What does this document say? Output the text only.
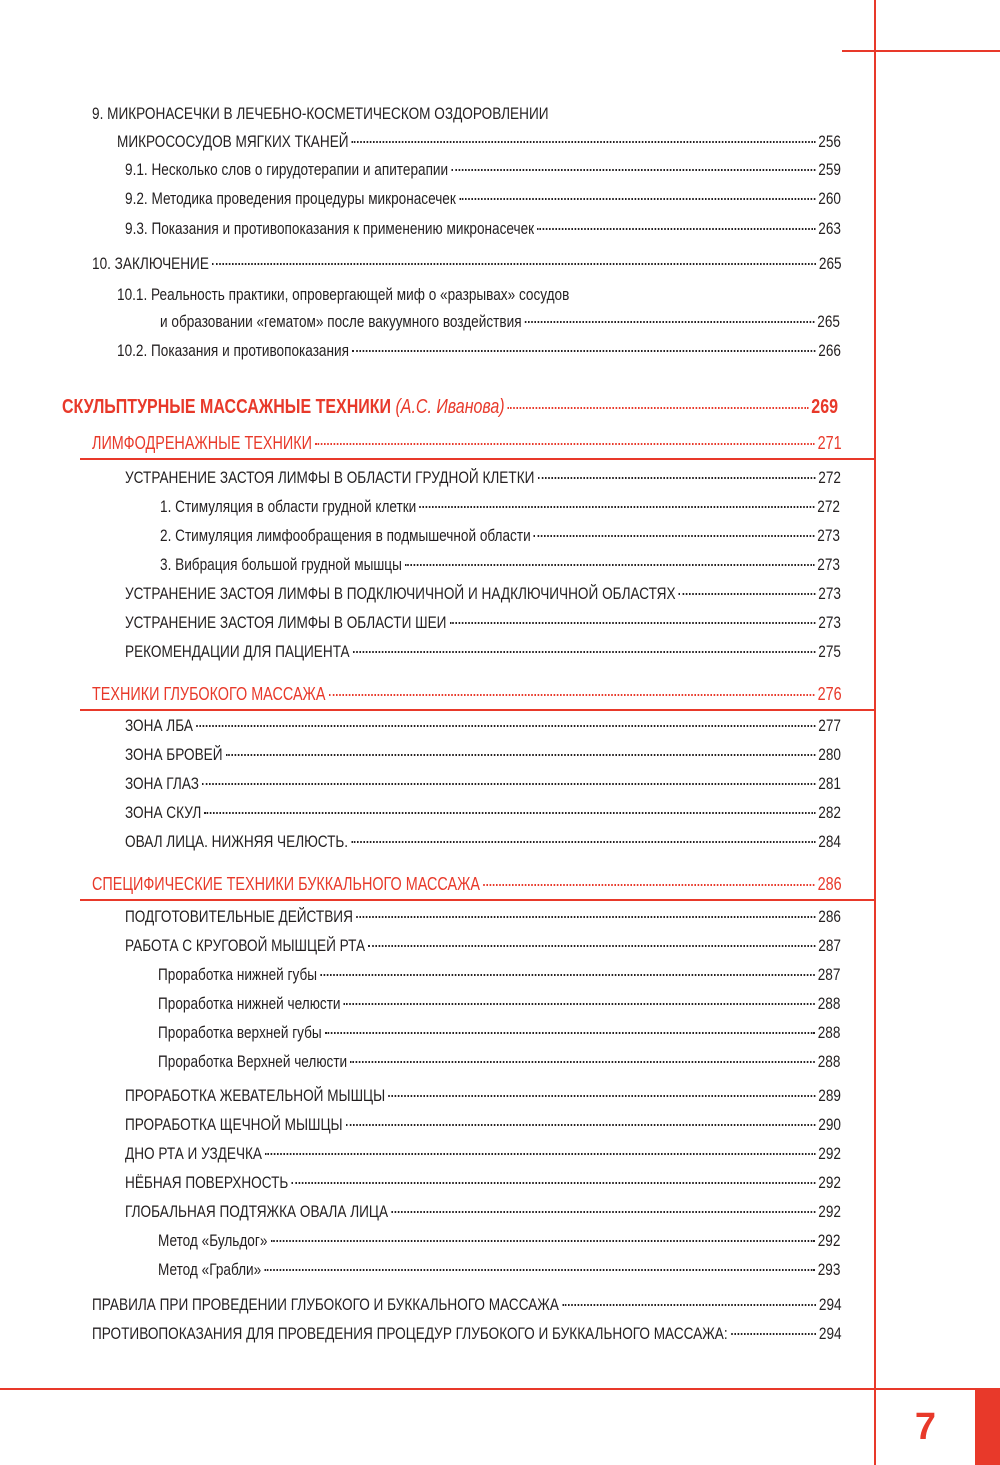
7
9. МИКРОНАСЕЧКИ В ЛЕЧЕБНО-КОСМЕТИЧЕСКОМ ОЗДОРОВЛЕНИИ
МИКРОСОСУДОВ МЯГКИХ ТКАНЕЙ	256
9.1. Несколько слов о гирудотерапии и апитерапии	259
9.2. Методика проведения процедуры микронасечек	260
9.3. Показания и противопоказания к применению микронасечек	263
10. ЗАКЛЮЧЕНИЕ	265
10.1. Реальность практики, опровергающей миф о «разрывах» сосудов
и образовании «гематом» после вакуумного воздействия	265
10.2. Показания и противопоказания	266
СКУЛЬПТУРНЫЕ МАССАЖНЫЕ ТЕХНИКИ (А.С. Иванова)	269
ЛИМФОДРЕНАЖНЫЕ ТЕХНИКИ	271
УСТРАНЕНИЕ ЗАСТОЯ ЛИМФЫ В ОБЛАСТИ ГРУДНОЙ КЛЕТКИ	272
1. Стимуляция в области грудной клетки	272
2. Стимуляция лимфообращения в подмышечной области	273
3. Вибрация большой грудной мышцы	273
УСТРАНЕНИЕ ЗАСТОЯ ЛИМФЫ В ПОДКЛЮЧИЧНОЙ И НАДКЛЮЧИЧНОЙ ОБЛАСТЯХ	273
УСТРАНЕНИЕ ЗАСТОЯ ЛИМФЫ В ОБЛАСТИ ШЕИ	273
РЕКОМЕНДАЦИИ ДЛЯ ПАЦИЕНТА	275
ТЕХНИКИ ГЛУБОКОГО МАССАЖА	276
ЗОНА ЛБА	277
ЗОНА БРОВЕЙ	280
ЗОНА ГЛАЗ	281
ЗОНА СКУЛ	282
ОВАЛ ЛИЦА. НИЖНЯЯ ЧЕЛЮСТЬ.	284
СПЕЦИФИЧЕСКИЕ ТЕХНИКИ БУККАЛЬНОГО МАССАЖА	286
ПОДГОТОВИТЕЛЬНЫЕ ДЕЙСТВИЯ	286
РАБОТА С КРУГОВОЙ МЫШЦЕЙ РТА	287
Проработка нижней губы	287
Проработка нижней челюсти	288
Проработка верхней губы	288
Проработка Верхней челюсти	288
ПРОРАБОТКА ЖЕВАТЕЛЬНОЙ МЫШЦЫ	289
ПРОРАБОТКА ЩЕЧНОЙ МЫШЦЫ	290
ДНО РТА И УЗДЕЧКА	292
НЁБНАЯ ПОВЕРХНОСТЬ	292
ГЛОБАЛЬНАЯ ПОДТЯЖКА ОВАЛА ЛИЦА	292
Метод «Бульдог»	292
Метод «Грабли»	293
ПРАВИЛА ПРИ ПРОВЕДЕНИИ ГЛУБОКОГО И БУККАЛЬНОГО МАССАЖА	294
ПРОТИВОПОКАЗАНИЯ ДЛЯ ПРОВЕДЕНИЯ ПРОЦЕДУР ГЛУБОКОГО И БУККАЛЬНОГО МАССАЖА:	294
